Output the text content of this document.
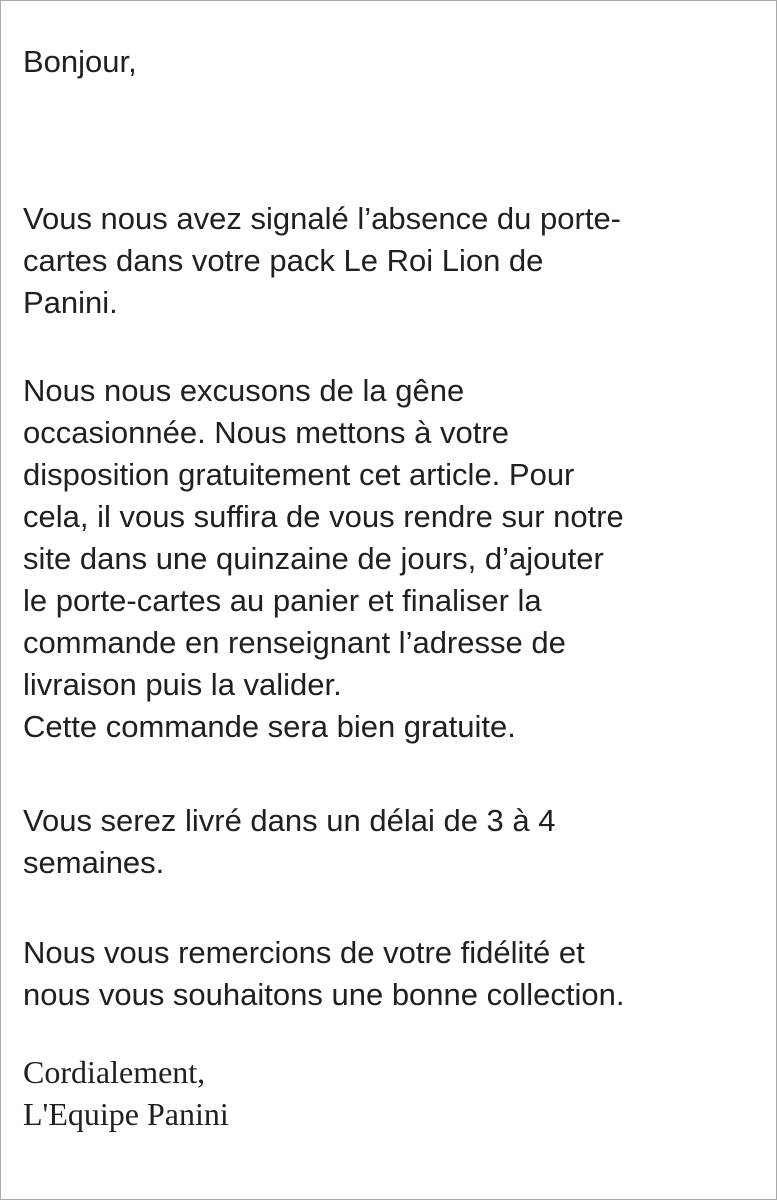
Bonjour,
Vous nous avez signalé l’absence du porte-
cartes dans votre pack Le Roi Lion de
Panini.
Nous nous excusons de la gêne
occasionnée. Nous mettons à votre
disposition gratuitement cet article. Pour
cela, il vous suffira de vous rendre sur notre
site dans une quinzaine de jours, d’ajouter
le porte-cartes au panier et finaliser la
commande en renseignant l’adresse de
livraison puis la valider.
Cette commande sera bien gratuite.
Vous serez livré dans un délai de 3 à 4
semaines.
Nous vous remercions de votre fidélité et
nous vous souhaitons une bonne collection.
Cordialement,
L'Equipe Panini
